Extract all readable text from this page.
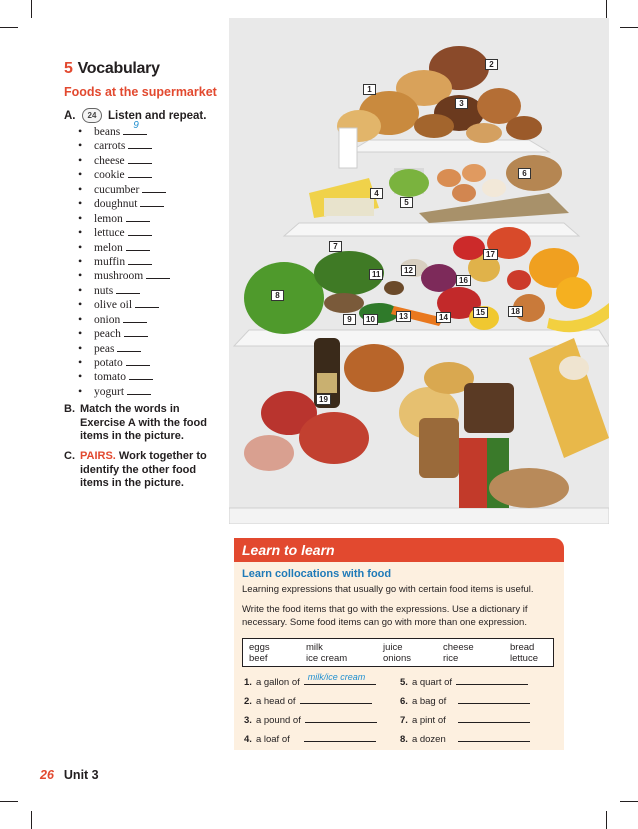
5 Vocabulary
Foods at the supermarket
A.	24	Listen and repeat.
•	beans
9
•	carrots
•	cheese
•	cookie
•	cucumber
•	doughnut
•	lemon
•	lettuce
•	melon
•	muffin
•	mushroom
•	nuts
•	olive oil
•	onion
•	peach
•	peas
•	potato
•	tomato
•	yogurt
B. Match the words in Exercise A with the food items in the picture.
C. PAIRS. Work together to identify the other food items in the picture.
1
2
3
4
5
6
7
8
9	10
11	12
13	14
15
16
17
18
19
Learn to learn
Learn collocations with food
Learning expressions that usually go with certain food items is useful.
Write the food items that go with the expressions. Use a dictionary if necessary. Some food items can go with more than one expression.
eggs	milk	juice	cheese	bread
beef	ice cream	onions	rice	lettuce
1. a gallon of milk/ice cream
2. a head of
3. a pound of
4. a loaf of
5. a quart of
6. a bag of
7. a pint of
8. a dozen
26 Unit 3
